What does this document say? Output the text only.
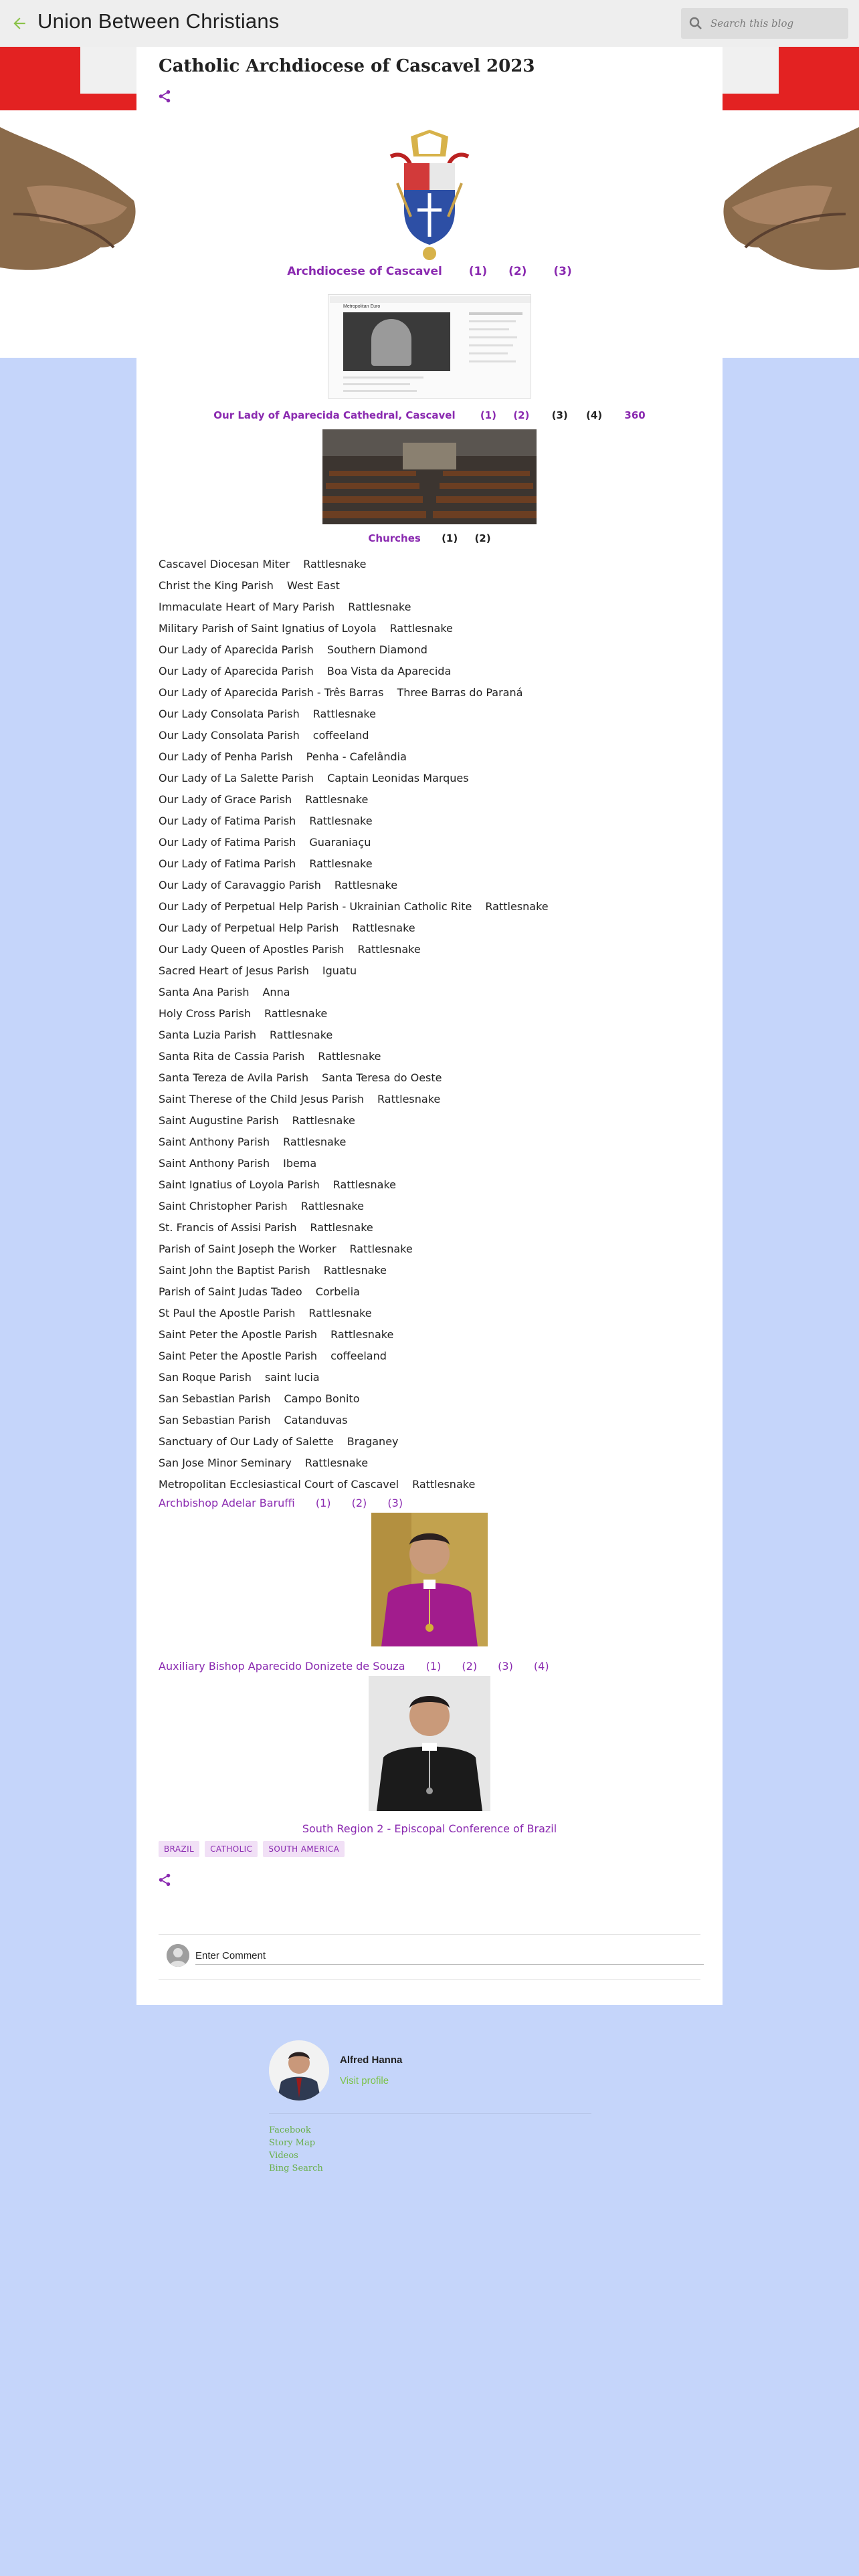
Union Between Christians
Search this blog
Catholic Archdiocese of Cascavel 2023
Archdiocese of Cascavel (1) (2) (3)
Metropolitan Euro
Our Lady of Aparecida Cathedral, Cascavel (1) (2) (3) (4) 360
Churches (1) (2)
Cascavel Diocesan Miter Rattlesnake
Christ the King Parish West East
Immaculate Heart of Mary Parish Rattlesnake
Military Parish of Saint Ignatius of Loyola Rattlesnake
Our Lady of Aparecida Parish Southern Diamond
Our Lady of Aparecida Parish Boa Vista da Aparecida
Our Lady of Aparecida Parish - Três Barras Three Barras do Paraná
Our Lady Consolata Parish Rattlesnake
Our Lady Consolata Parish coffeeland
Our Lady of Penha Parish Penha - Cafelândia
Our Lady of La Salette Parish Captain Leonidas Marques
Our Lady of Grace Parish Rattlesnake
Our Lady of Fatima Parish Rattlesnake
Our Lady of Fatima Parish Guaraniaçu
Our Lady of Fatima Parish Rattlesnake
Our Lady of Caravaggio Parish Rattlesnake
Our Lady of Perpetual Help Parish - Ukrainian Catholic Rite Rattlesnake
Our Lady of Perpetual Help Parish Rattlesnake
Our Lady Queen of Apostles Parish Rattlesnake
Sacred Heart of Jesus Parish Iguatu
Santa Ana Parish Anna
Holy Cross Parish Rattlesnake
Santa Luzia Parish Rattlesnake
Santa Rita de Cassia Parish Rattlesnake
Santa Tereza de Avila Parish Santa Teresa do Oeste
Saint Therese of the Child Jesus Parish Rattlesnake
Saint Augustine Parish Rattlesnake
Saint Anthony Parish Rattlesnake
Saint Anthony Parish Ibema
Saint Ignatius of Loyola Parish Rattlesnake
Saint Christopher Parish Rattlesnake
St. Francis of Assisi Parish Rattlesnake
Parish of Saint Joseph the Worker Rattlesnake
Saint John the Baptist Parish Rattlesnake
Parish of Saint Judas Tadeo Corbelia
St Paul the Apostle Parish Rattlesnake
Saint Peter the Apostle Parish Rattlesnake
Saint Peter the Apostle Parish coffeeland
San Roque Parish saint lucia
San Sebastian Parish Campo Bonito
San Sebastian Parish Catanduvas
Sanctuary of Our Lady of Salette Braganey
San Jose Minor Seminary Rattlesnake
Metropolitan Ecclesiastical Court of Cascavel Rattlesnake
Archbishop Adelar Baruffi (1) (2) (3)
Auxiliary Bishop Aparecido Donizete de Souza (1) (2) (3) (4)
South Region 2 - Episcopal Conference of Brazil
BRAZIL	CATHOLIC	SOUTH AMERICA
Enter Comment
Alfred Hanna
Visit profile
Facebook
Story Map
Videos
Bing Search
